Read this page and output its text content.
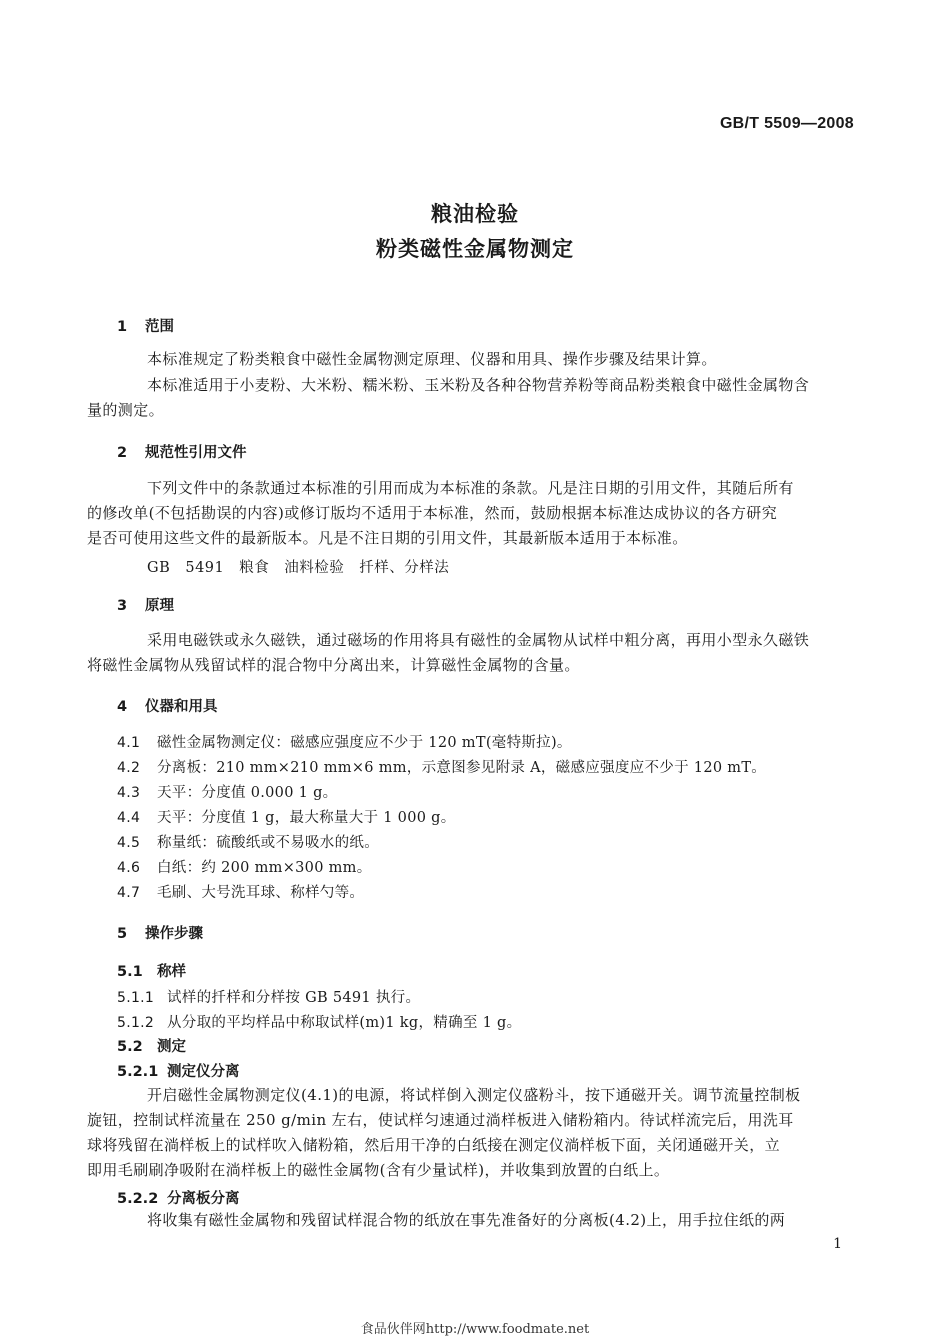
GB/T 5509—2008
粮油检验
粉类磁性金属物测定
1 范围
本标准规定了粉类粮食中磁性金属物测定原理、仪器和用具、操作步骤及结果计算。
本标准适用于小麦粉、大米粉、糯米粉、玉米粉及各种谷物营养粉等商品粉类粮食中磁性金属物含
量的测定。
2 规范性引用文件
下列文件中的条款通过本标准的引用而成为本标准的条款。凡是注日期的引用文件，其随后所有
的修改单(不包括勘误的内容)或修订版均不适用于本标准，然而，鼓励根据本标准达成协议的各方研究
是否可使用这些文件的最新版本。凡是不注日期的引用文件，其最新版本适用于本标准。
GB 5491　粮食　油料检验　扦样、分样法
3 原理
采用电磁铁或永久磁铁，通过磁场的作用将具有磁性的金属物从试样中粗分离，再用小型永久磁铁
将磁性金属物从残留试样的混合物中分离出来，计算磁性金属物的含量。
4 仪器和用具
4.1 磁性金属物测定仪：磁感应强度应不少于 120 mT(毫特斯拉)。
4.2 分离板：210 mm×210 mm×6 mm，示意图参见附录 A，磁感应强度应不少于 120 mT。
4.3 天平：分度值 0.000 1 g。
4.4 天平：分度值 1 g，最大称量大于 1 000 g。
4.5 称量纸：硫酸纸或不易吸水的纸。
4.6 白纸：约 200 mm×300 mm。
4.7 毛刷、大号洗耳球、称样勺等。
5 操作步骤
5.1 称样
5.1.1 试样的扦样和分样按 GB 5491 执行。
5.1.2 从分取的平均样品中称取试样(m)1 kg，精确至 1 g。
5.2 测定
5.2.1 测定仪分离
开启磁性金属物测定仪(4.1)的电源，将试样倒入测定仪盛粉斗，按下通磁开关。调节流量控制板
旋钮，控制试样流量在 250 g/min 左右，使试样匀速通过淌样板进入储粉箱内。待试样流完后，用洗耳
球将残留在淌样板上的试样吹入储粉箱，然后用干净的白纸接在测定仪淌样板下面，关闭通磁开关，立
即用毛刷刷净吸附在淌样板上的磁性金属物(含有少量试样)，并收集到放置的白纸上。
5.2.2 分离板分离
将收集有磁性金属物和残留试样混合物的纸放在事先准备好的分离板(4.2)上，用手拉住纸的两
1
食品伙伴网http://www.foodmate.net
